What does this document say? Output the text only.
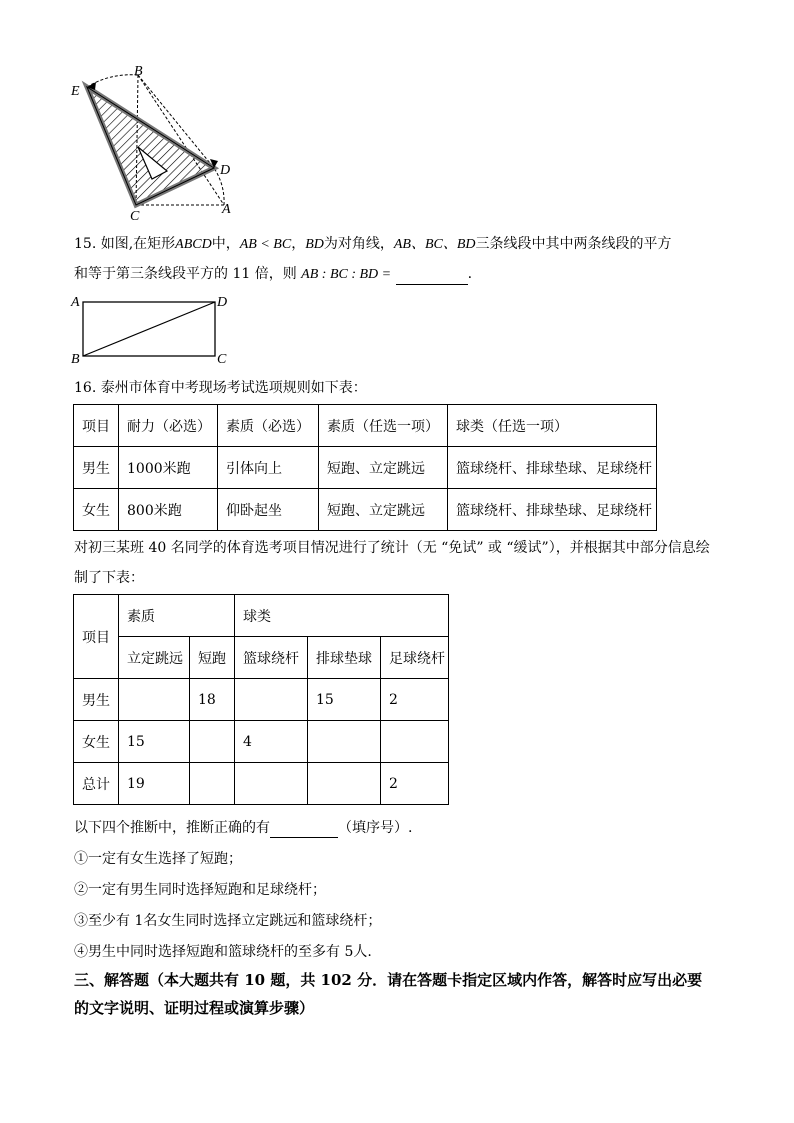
B
E
D
C	A
15. 如图,在矩形ABCD中，AB < BC，BD为对角线，AB、BC、BD三条线段中其中两条线段的平方
和等于第三条线段平方的 11 倍，则 AB : BC : BD =	.
A	D
B	C
16. 泰州市体育中考现场考试选项规则如下表：
项目	耐力（必选）	素质（必选）	素质（任选一项）	球类（任选一项）
男生	1000米跑	引体向上	短跑、立定跳远	篮球绕杆、排球垫球、足球绕杆
女生	800米跑	仰卧起坐	短跑、立定跳远	篮球绕杆、排球垫球、足球绕杆
对初三某班 40 名同学的体育选考项目情况进行了统计（无 “免试” 或 “缓试”），并根据其中部分信息绘
制了下表：
项目	素质		球类		
	立定跳远	短跑	篮球绕杆	排球垫球	足球绕杆
男生		18		15	2
女生	15		4		
总计	19				2
以下四个推断中，推断正确的有	（填序号）.
①一定有女生选择了短跑；
②一定有男生同时选择短跑和足球绕杆；
③至少有 1名女生同时选择立定跳远和篮球绕杆；
④男生中同时选择短跑和篮球绕杆的至多有 5人.
三、解答题（本大题共有 10 题，共 102 分．请在答题卡指定区域内作答，解答时应写出必要
的文字说明、证明过程或演算步骤）
